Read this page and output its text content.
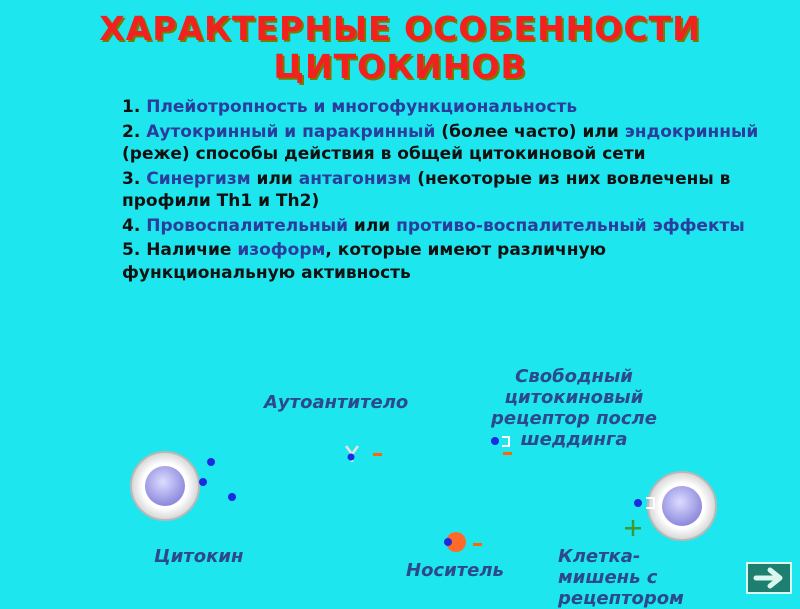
ХАРАКТЕРНЫЕ ОСОБЕННОСТИ
ЦИТОКИНОВ

1. Плейотропность и многофункциональность

2. Аутокринный и паракринный (более часто) или эндокринный (реже) способы действия в общей цитокиновой сети

3. Синергизм или антагонизм (некоторые из них вовлечены в профили Th1 и Th2)

4. Провоспалительный или противо-воспалительный эффекты

5. Наличие изоформ, которые имеют различную функциональную активность

Аутоантитело
Свободный цитокиновый рецептор после шеддинга
Цитокин
Носитель
Клетка-мишень с рецептором
